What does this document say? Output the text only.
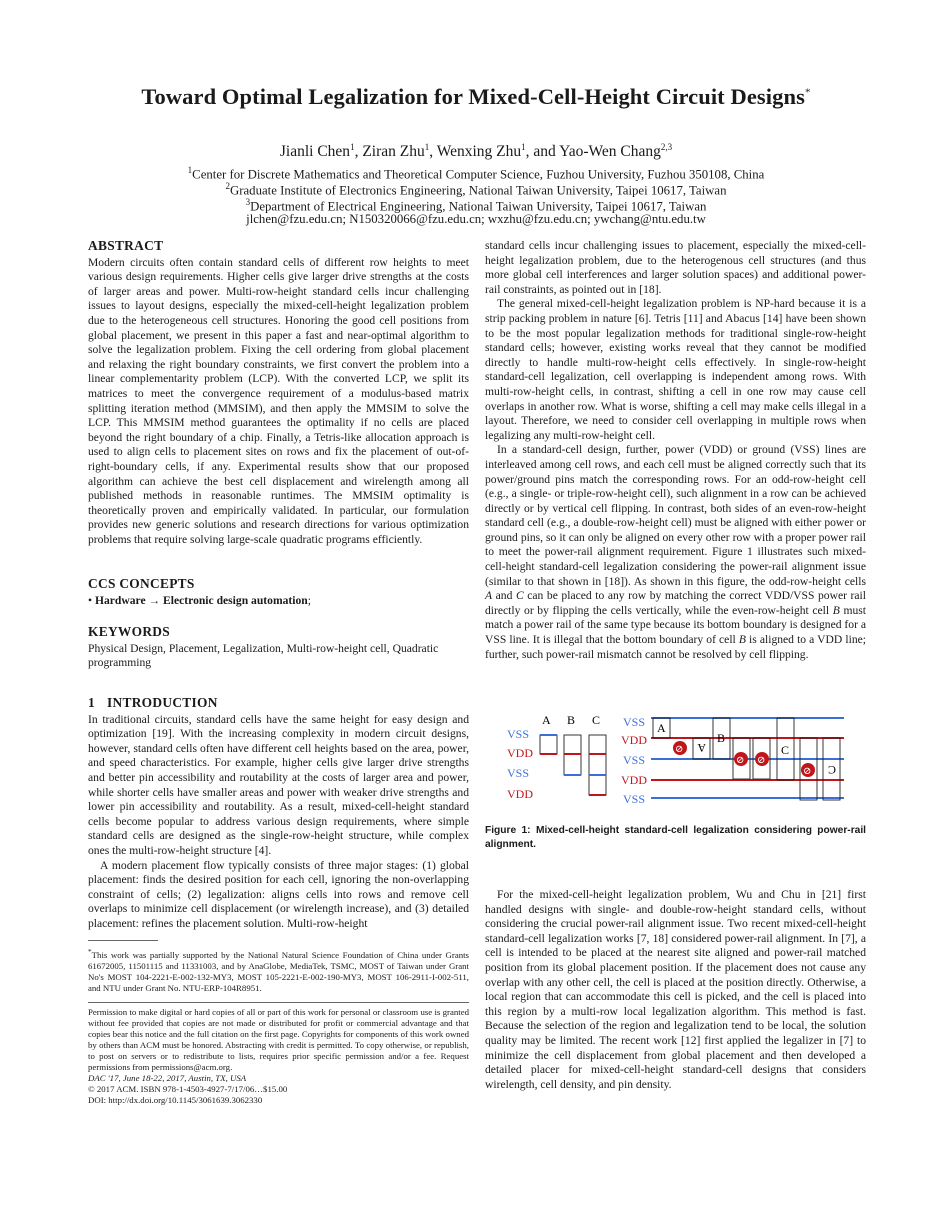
Toward Optimal Legalization for Mixed-Cell-Height Circuit Designs*
Jianli Chen$^1$, Ziran Zhu$^1$, Wenxing Zhu$^1$, and Yao-Wen Chang$^{2,3}$
$^1$Center for Discrete Mathematics and Theoretical Computer Science, Fuzhou University, Fuzhou 350108, China
$^2$Graduate Institute of Electronics Engineering, National Taiwan University, Taipei 10617, Taiwan
$^3$Department of Electrical Engineering, National Taiwan University, Taipei 10617, Taiwan
jlchen@fzu.edu.cn; N150320066@fzu.edu.cn; wxzhu@fzu.edu.cn; ywchang@ntu.edu.tw
ABSTRACT

Modern circuits often contain standard cells of different row heights to meet various design requirements. Higher cells give larger drive strengths at the costs of larger areas and power. Multi-row-height standard cells incur challenging issues to layout designs, especially the mixed-cell-height legalization problem due to the heterogeneous cell structures. Honoring the good cell positions from global placement, we present in this paper a fast and near-optimal algorithm to solve the legalization problem. Fixing the cell ordering from global placement and relaxing the right boundary constraints, we first convert the problem into a linear complementarity problem (LCP). With the converted LCP, we split its matrices to meet the convergence requirement of a modulus-based matrix splitting iteration method (MMSIM), and then apply the MMSIM to solve the LCP. This MMSIM method guarantees the optimality if no cells are placed beyond the right boundary of a chip. Finally, a Tetris-like allocation approach is used to align cells to placement sites on rows and fix the placement of out-of-right-boundary cells, if any. Experimental results show that our proposed algorithm can achieve the best cell displacement and wirelength among all published methods in reasonable runtimes. The MMSIM optimality is theoretically proven and empirically validated. In particular, our formulation provides new generic solutions and research directions for various optimization problems that require solving large-scale quadratic programs efficiently.

CCS CONCEPTS

• Hardware → Electronic design automation;

KEYWORDS

Physical Design, Placement, Legalization, Multi-row-height cell, Quadratic programming

1 INTRODUCTION

In traditional circuits, standard cells have the same height for easy design and optimization [19]. With the increasing complexity in modern circuit designs, however, standard cells often have different cell heights based on the area, power, and speed characteristics. For example, higher cells give larger drive strengths and better pin accessibility and routability at the costs of larger area and power, while shorter cells have smaller areas and power with weaker drive strengths and lower pin accessibility and routability. As a result, mixed-cell-height standard cells become popular to address various design requirements, where simple standard cells are designed as the single-row-height structure, while complex ones the multi-row-height structure [4].

A modern placement flow typically consists of three major stages: (1) global placement: finds the desired position for each cell, ignoring the non-overlapping constraint of cells; (2) legalization: aligns cells into rows and remove cell overlaps to minimize cell displacement (or wirelength increase), and (3) detailed placement: refines the placement solution. Multi-row-height

*This work was partially supported by the National Natural Science Foundation of China under Grants 61672005, 11501115 and 11331003, and by AnaGlobe, MediaTek, TSMC, MOST of Taiwan under Grant No's MOST 104-2221-E-002-132-MY3, MOST 105-2221-E-002-190-MY3, MOST 106-2911-I-002-511, and NTU under Grant No. NTU-ERP-104R8951.

Permission to make digital or hard copies of all or part of this work for personal or classroom use is granted without fee provided that copies are not made or distributed for profit or commercial advantage and that copies bear this notice and the full citation on the first page. Copyrights for components of this work owned by others than ACM must be honored. Abstracting with credit is permitted. To copy otherwise, or republish, to post on servers or to redistribute to lists, requires prior specific permission and/or a fee. Request permissions from permissions@acm.org.

DAC '17, June 18-22, 2017, Austin, TX, USA

© 2017 ACM. ISBN 978-1-4503-4927-7/17/06…$15.00

DOI: http://dx.doi.org/10.1145/3061639.3062330

standard cells incur challenging issues to placement, especially the mixed-cell-height legalization problem, due to the heterogenous cell structures (and thus more global cell interferences and larger solution spaces) and additional power-rail constraints, as pointed out in [18].

The general mixed-cell-height legalization problem is NP-hard because it is a strip packing problem in nature [6]. Tetris [11] and Abacus [14] have been shown to be the most popular legalization methods for traditional single-row-height standard cells; however, existing works reveal that they cannot be modified directly to handle multi-row-height cells effectively. In single-row-height standard-cell legalization, cell overlapping is independent among rows. With multi-row-height cells, in contrast, shifting a cell in one row may cause cell overlaps in another row. What is worse, shifting a cell may make cells illegal in a layout. Therefore, we need to consider cell overlapping in multiple rows when legalizing any multi-row-height cell.

In a standard-cell design, further, power (VDD) or ground (VSS) lines are interleaved among cell rows, and each cell must be aligned correctly such that its power/ground pins match the corresponding rows. For an odd-row-height cell (e.g., a single- or triple-row-height cell), such alignment in a row can be achieved directly or by vertical cell flipping. In contrast, both sides of an even-row-height standard cell (e.g., a double-row-height cell) must be aligned with either power or ground pins, so it can only be aligned on every other row with a proper power rail to meet the power-rail alignment requirement. Figure 1 illustrates such mixed-cell-height standard-cell legalization considering the power-rail alignment issue (similar to that shown in [18]). As shown in this figure, the odd-row-height cells A and C can be placed to any row by matching the correct VDD/VSS power rail directly or by flipping the cells vertically, while the even-row-height cell B must match a power rail of the same type because its bottom boundary is designed for a VSS line. It is illegal that the bottom boundary of cell B is aligned to a VDD line; further, such power-rail mismatch cannot be resolved by cell flipping.

VSS
VDD
VSS
VDD
A B C VSS
VDD
VSS
VDD
VSS
A
A
B
C
C
⊘
⊘ ⊘
⊘
Figure 1: Mixed-cell-height standard-cell legalization considering power-rail alignment.

For the mixed-cell-height legalization problem, Wu and Chu in [21] first handled designs with single- and double-row-height standard cells, without considering the crucial power-rail alignment issue. Two recent mixed-cell-height standard-cell legalization works [7, 18] considered power-rail alignment. In [7], a cell is intended to be placed at the nearest site aligned and power-rail matched position from its global placement position. If the placement does not cause any overlap with any other cell, the cell is placed at the position directly. Otherwise, a local region that can accommodate this cell is picked, and the cell is placed into this region by a multi-row local legalization algorithm. This method is fast. Because the selection of the region and legalization tend to be local, the solution quality may be limited. The recent work [12] first applied the legalizer in [7] to minimize the cell displacement from global placement and then developed a detailed placer for mixed-cell-height standard-cell designs that considers wirelength, cell density, and pin density.
